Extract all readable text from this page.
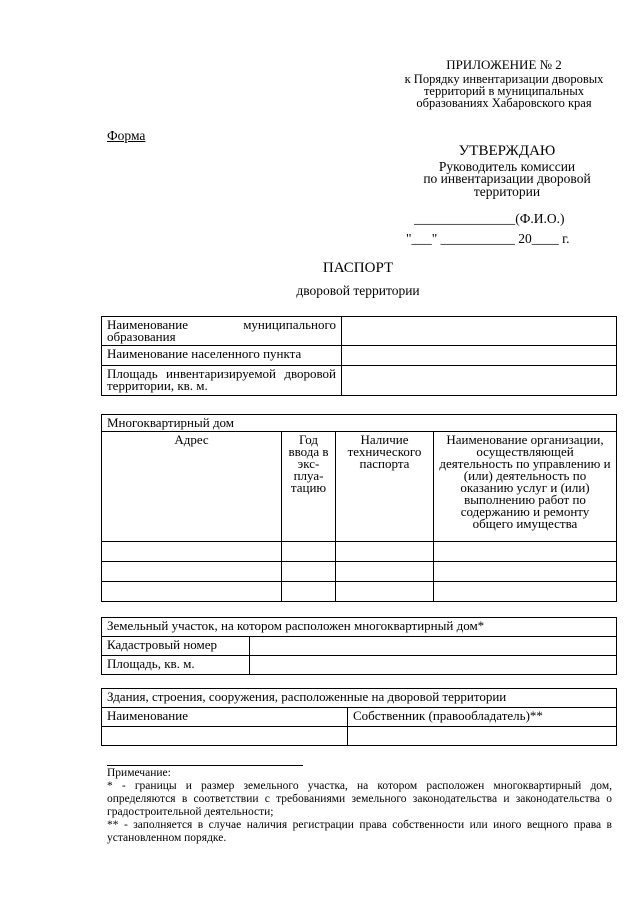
ПРИЛОЖЕНИЕ № 2
к Порядку инвентаризации дворовых
территорий в муниципальных
образованиях Хабаровского края
Форма
УТВЕРЖДАЮ
Руководитель комиссии
по инвентаризации дворовой
территории
_______________(Ф.И.О.)
"___" ___________ 20____ г.
ПАСПОРТ
дворовой территории
Наименование муниципального образования	
Наименование населенного пункта	
Площадь инвентаризируемой дворовой территории, кв. м.	
Многоквартирный дом			
Адрес	Год ввода в экс-плуа-тацию	Наличие технического паспорта	Наименование организации, осуществляющей деятельность по управлению и (или) деятельность по оказанию услуг и (или) выполнению работ по содержанию и ремонту общего имущества

Земельный участок, на котором расположен многоквартирный дом*	
Кадастровый номер	
Площадь, кв. м.	
Здания, строения, сооружения, расположенные на дворовой территории	
Наименование	Собственник (правообладатель)**

Примечание:
* - границы и размер земельного участка, на котором расположен многоквартирный дом, определяются в соответствии с требованиями земельного законодательства и законодательства о градостроительной деятельности;
** - заполняется в случае наличия регистрации права собственности или иного вещного права в установленном порядке.
